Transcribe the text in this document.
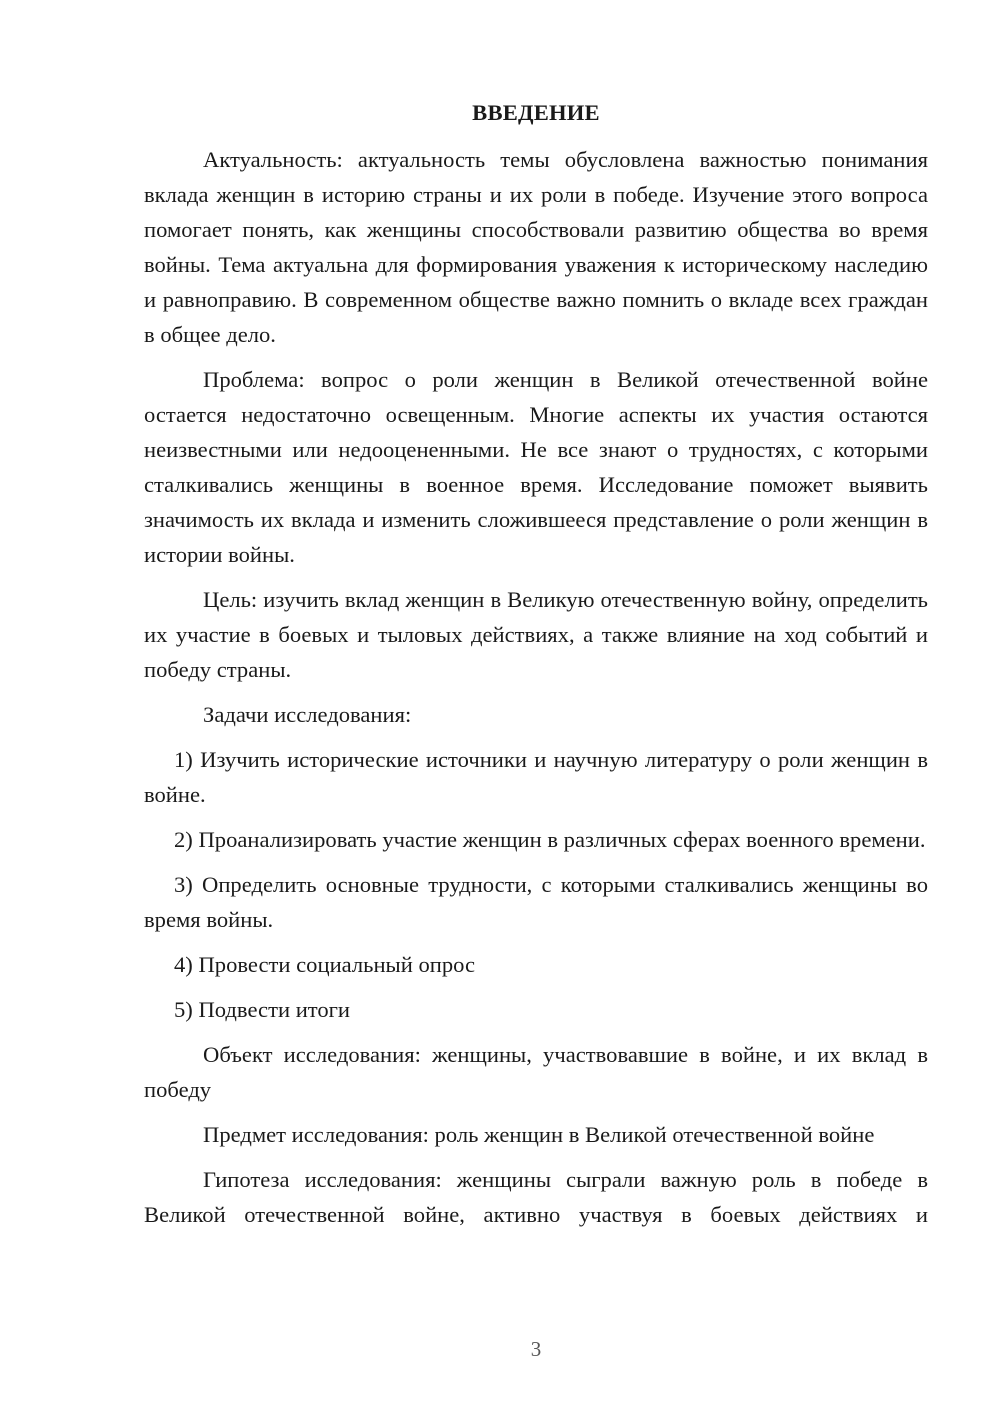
ВВЕДЕНИЕ

Актуальность: актуальность темы обусловлена важностью понимания вклада женщин в историю страны и их роли в победе. Изучение этого вопроса помогает понять, как женщины способствовали развитию общества во время войны. Тема актуальна для формирования уважения к историческому наследию и равноправию. В современном обществе важно помнить о вкладе всех граждан в общее дело.

Проблема: вопрос о роли женщин в Великой отечественной войне остается недостаточно освещенным. Многие аспекты их участия остаются неизвестными или недооцененными. Не все знают о трудностях, с которыми сталкивались женщины в военное время. Исследование поможет выявить значимость их вклада и изменить сложившееся представление о роли женщин в истории войны.

Цель: изучить вклад женщин в Великую отечественную войну, определить их участие в боевых и тыловых действиях, а также влияние на ход событий и победу страны.

Задачи исследования:

1) Изучить исторические источники и научную литературу о роли женщин в войне.

2) Проанализировать участие женщин в различных сферах военного времени.

3) Определить основные трудности, с которыми сталкивались женщины во время войны.

4) Провести социальный опрос

5) Подвести итоги

Объект исследования: женщины, участвовавшие в войне, и их вклад в победу

Предмет исследования: роль женщин в Великой отечественной войне

Гипотеза исследования: женщины сыграли важную роль в победе в Великой отечественной войне, активно участвуя в боевых действиях и

3
